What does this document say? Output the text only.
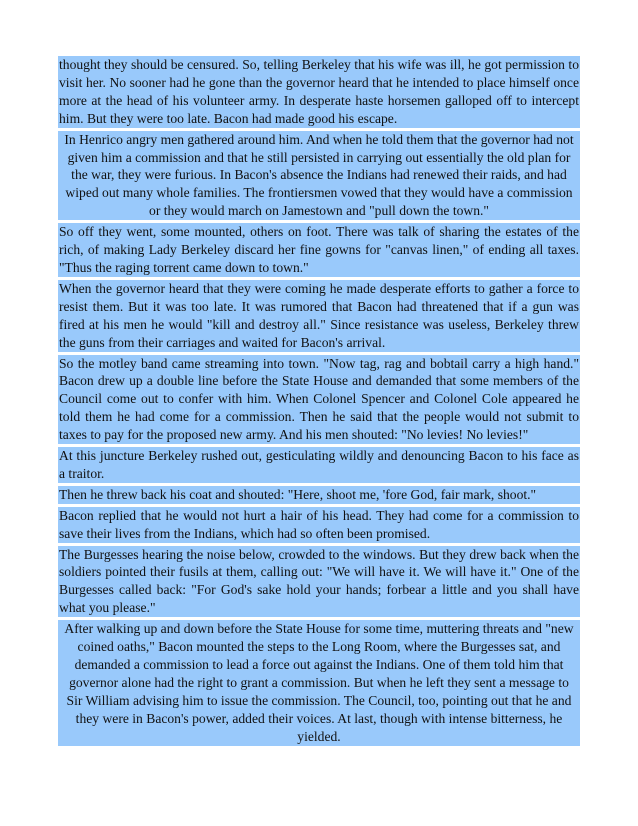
thought they should be censured. So, telling Berkeley that his wife was ill, he got permission to visit her. No sooner had he gone than the governor heard that he intended to place himself once more at the head of his volunteer army. In desperate haste horsemen galloped off to intercept him. But they were too late. Bacon had made good his escape.

In Henrico angry men gathered around him. And when he told them that the governor had not given him a commission and that he still persisted in carrying out essentially the old plan for the war, they were furious. In Bacon's absence the Indians had renewed their raids, and had wiped out many whole families. The frontiersmen vowed that they would have a commission or they would march on Jamestown and "pull down the town."

So off they went, some mounted, others on foot. There was talk of sharing the estates of the rich, of making Lady Berkeley discard her fine gowns for "canvas linen," of ending all taxes. "Thus the raging torrent came down to town."

When the governor heard that they were coming he made desperate efforts to gather a force to resist them. But it was too late. It was rumored that Bacon had threatened that if a gun was fired at his men he would "kill and destroy all." Since resistance was useless, Berkeley threw the guns from their carriages and waited for Bacon's arrival.

So the motley band came streaming into town. "Now tag, rag and bobtail carry a high hand." Bacon drew up a double line before the State House and demanded that some members of the Council come out to confer with him. When Colonel Spencer and Colonel Cole appeared he told them he had come for a commission. Then he said that the people would not submit to taxes to pay for the proposed new army. And his men shouted: "No levies! No levies!"

At this juncture Berkeley rushed out, gesticulating wildly and denouncing Bacon to his face as a traitor.

Then he threw back his coat and shouted: "Here, shoot me, 'fore God, fair mark, shoot."

Bacon replied that he would not hurt a hair of his head. They had come for a commission to save their lives from the Indians, which had so often been promised.

The Burgesses hearing the noise below, crowded to the windows. But they drew back when the soldiers pointed their fusils at them, calling out: "We will have it. We will have it." One of the Burgesses called back: "For God's sake hold your hands; forbear a little and you shall have what you please."

After walking up and down before the State House for some time, muttering threats and "new coined oaths," Bacon mounted the steps to the Long Room, where the Burgesses sat, and demanded a commission to lead a force out against the Indians. One of them told him that governor alone had the right to grant a commission. But when he left they sent a message to Sir William advising him to issue the commission. The Council, too, pointing out that he and they were in Bacon's power, added their voices. At last, though with intense bitterness, he yielded.
